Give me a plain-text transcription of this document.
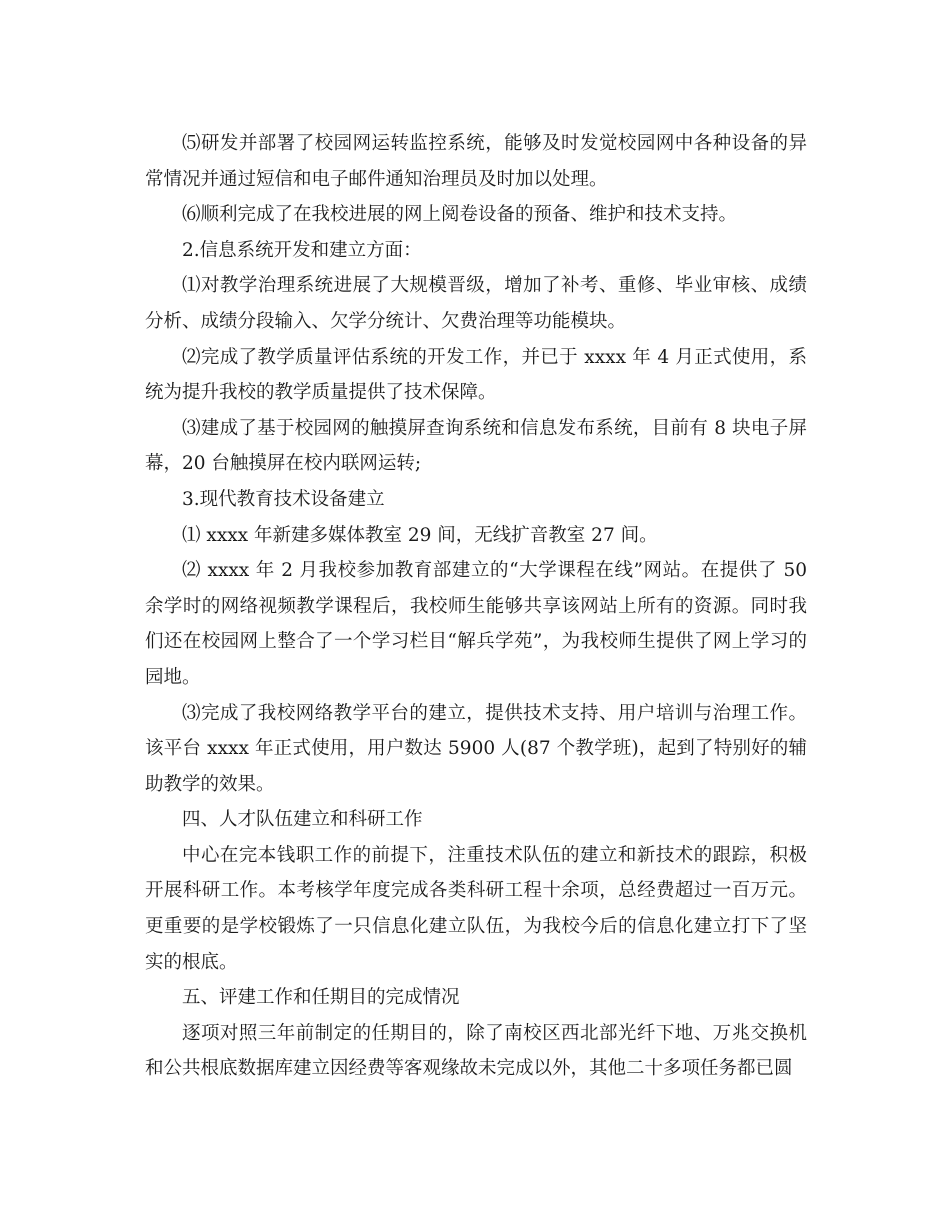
⑸研发并部署了校园网运转监控系统，能够及时发觉校园网中各种设备的异常情况并通过短信和电子邮件通知治理员及时加以处理。

⑹顺利完成了在我校进展的网上阅卷设备的预备、维护和技术支持。

2.信息系统开发和建立方面：

⑴对教学治理系统进展了大规模晋级，增加了补考、重修、毕业审核、成绩分析、成绩分段输入、欠学分统计、欠费治理等功能模块。

⑵完成了教学质量评估系统的开发工作，并已于 xxxx 年 4 月正式使用，系统为提升我校的教学质量提供了技术保障。

⑶建成了基于校园网的触摸屏查询系统和信息发布系统，目前有 8 块电子屏幕，20 台触摸屏在校内联网运转;

3.现代教育技术设备建立

⑴ xxxx 年新建多媒体教室 29 间，无线扩音教室 27 间。

⑵ xxxx 年 2 月我校参加教育部建立的“大学课程在线”网站。在提供了 50 余学时的网络视频教学课程后，我校师生能够共享该网站上所有的资源。同时我们还在校园网上整合了一个学习栏目“解兵学苑”，为我校师生提供了网上学习的园地。

⑶完成了我校网络教学平台的建立，提供技术支持、用户培训与治理工作。该平台 xxxx 年正式使用，用户数达 5900 人(87 个教学班)，起到了特别好的辅助教学的效果。

四、人才队伍建立和科研工作

中心在完本钱职工作的前提下，注重技术队伍的建立和新技术的跟踪，积极开展科研工作。本考核学年度完成各类科研工程十余项，总经费超过一百万元。更重要的是学校锻炼了一只信息化建立队伍，为我校今后的信息化建立打下了坚实的根底。

五、评建工作和任期目的完成情况

逐项对照三年前制定的任期目的，除了南校区西北部光纤下地、万兆交换机和公共根底数据库建立因经费等客观缘故未完成以外，其他二十多项任务都已圆
